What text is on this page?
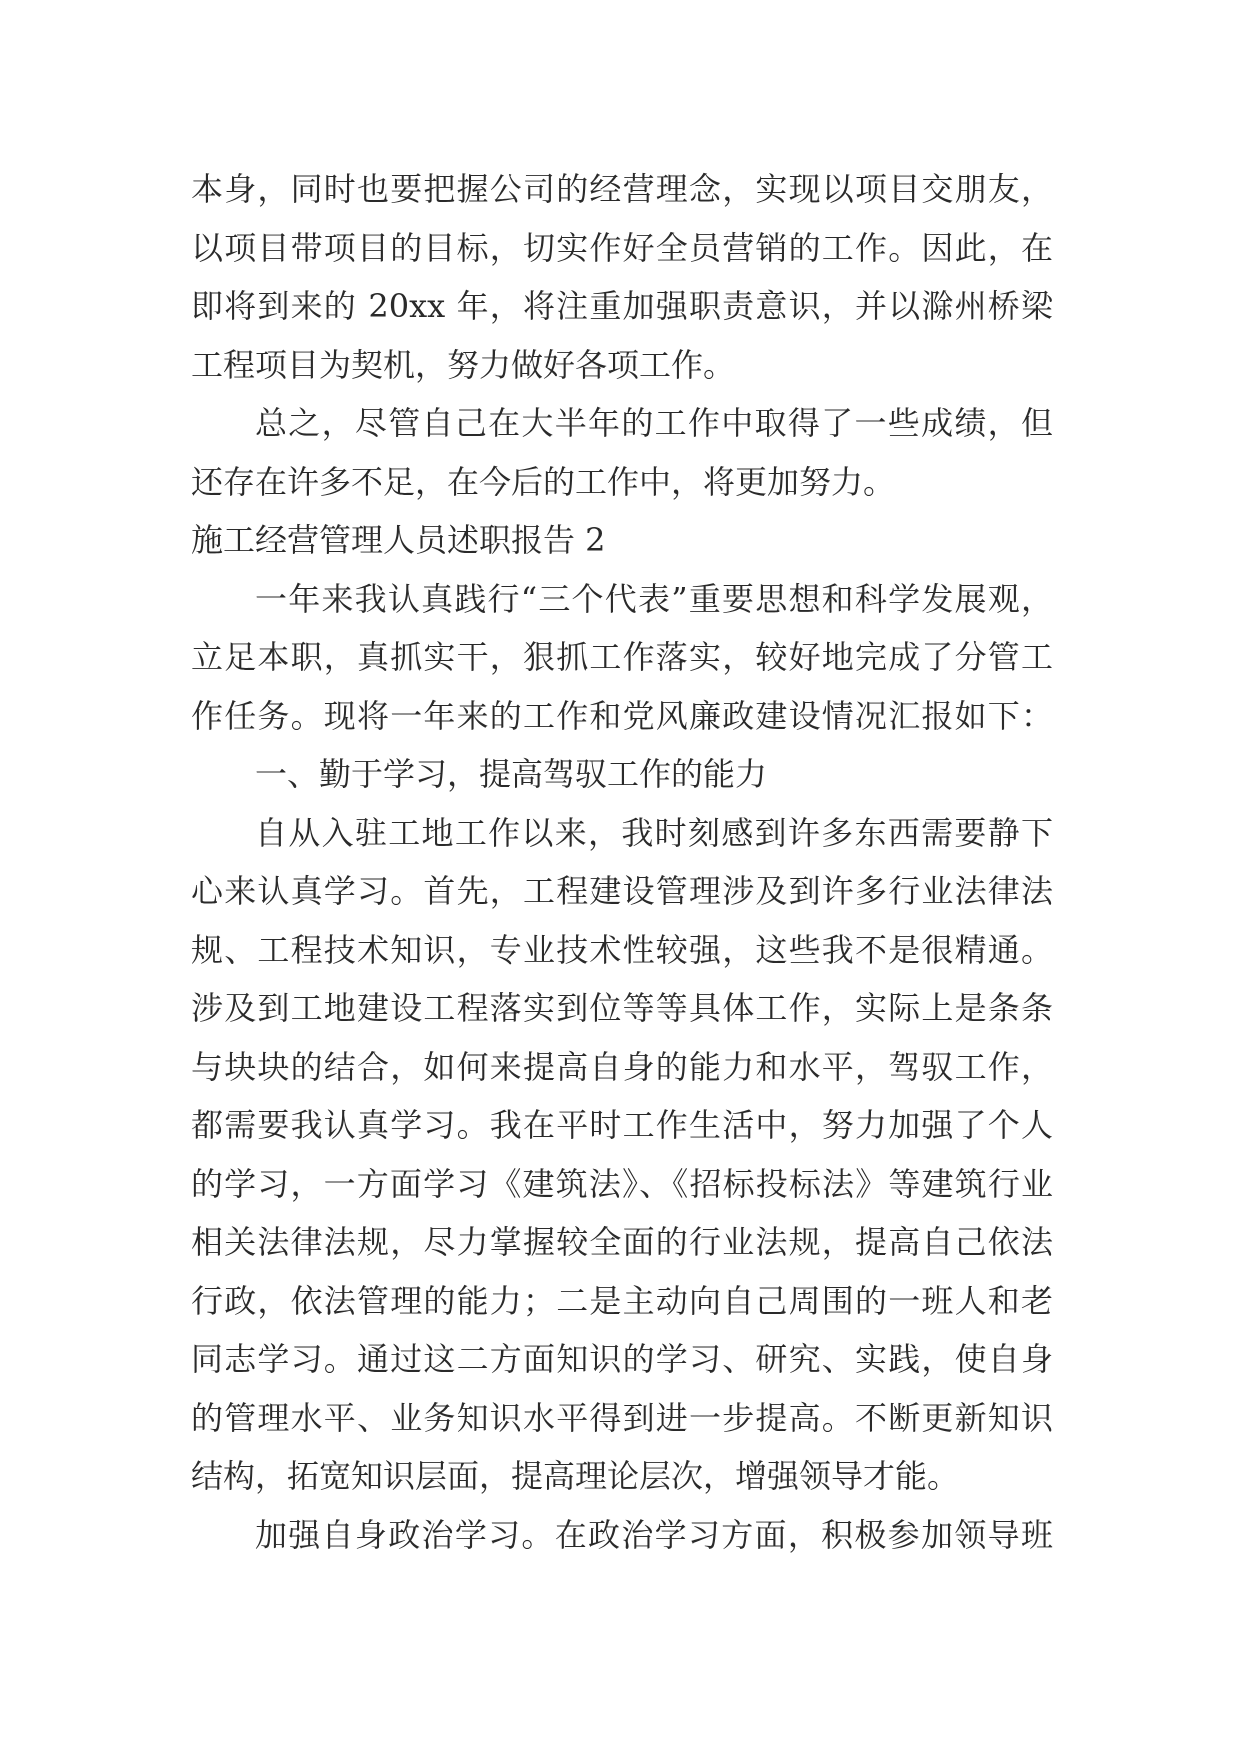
本身，同时也要把握公司的经营理念，实现以项目交朋友，
以项目带项目的目标，切实作好全员营销的工作。因此，在
即将到来的 20xx 年，将注重加强职责意识，并以滁州桥梁
工程项目为契机，努力做好各项工作。
总之，尽管自己在大半年的工作中取得了一些成绩，但
还存在许多不足，在今后的工作中，将更加努力。
施工经营管理人员述职报告 2
一年来我认真践行“三个代表”重要思想和科学发展观，
立足本职，真抓实干，狠抓工作落实，较好地完成了分管工
作任务。现将一年来的工作和党风廉政建设情况汇报如下：
一、勤于学习，提高驾驭工作的能力
自从入驻工地工作以来，我时刻感到许多东西需要静下
心来认真学习。首先，工程建设管理涉及到许多行业法律法
规、工程技术知识，专业技术性较强，这些我不是很精通。
涉及到工地建设工程落实到位等等具体工作，实际上是条条
与块块的结合，如何来提高自身的能力和水平，驾驭工作，
都需要我认真学习。我在平时工作生活中，努力加强了个人
的学习，一方面学习《建筑法》、《招标投标法》等建筑行业
相关法律法规，尽力掌握较全面的行业法规，提高自己依法
行政，依法管理的能力；二是主动向自己周围的一班人和老
同志学习。通过这二方面知识的学习、研究、实践，使自身
的管理水平、业务知识水平得到进一步提高。不断更新知识
结构，拓宽知识层面，提高理论层次，增强领导才能。
加强自身政治学习。在政治学习方面，积极参加领导班
